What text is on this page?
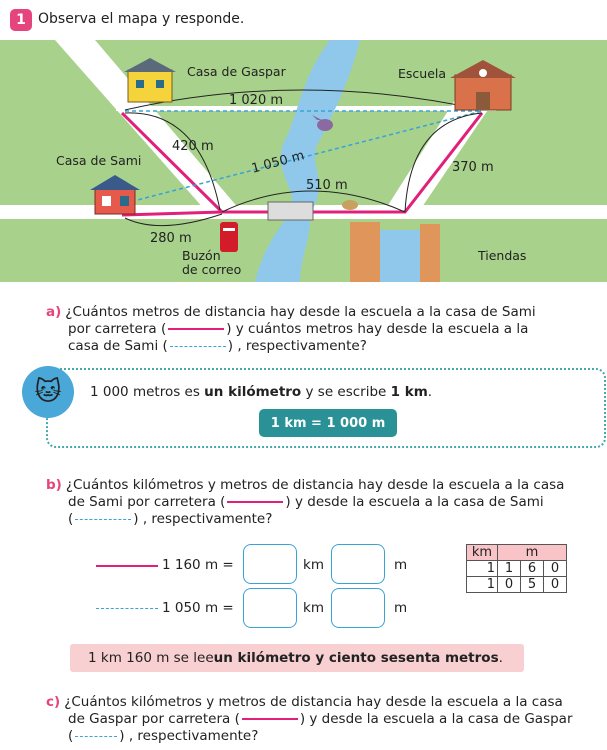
1 Observa el mapa y responde.
Casa de Gaspar	Escuela
Casa de Sami
Buzón
de correo
Tiendas
1 020 m
420 m
1 050 m
510 m
370 m
280 m
a) ¿Cuántos metros de distancia hay desde la escuela a la casa de Sami
por carretera (	) y cuántos metros hay desde la escuela a la
casa de Sami (	) , respectivamente?
🐱	1 000 metros es un kilómetro y se escribe 1 km.
1 km = 1 000 m
b) ¿Cuántos kilómetros y metros de distancia hay desde la escuela a la casa
de Sami por carretera (	) y desde la escuela a la casa de Sami
(	) , respectivamente?
1 160 m =	km	m
1 050 m =	km	m
km	m		
1	1	6	0
1	0	5	0
1 km 160 m se lee un kilómetro y ciento sesenta metros .
c) ¿Cuántos kilómetros y metros de distancia hay desde la escuela a la casa
de Gaspar por carretera (	) y desde la escuela a la casa de Gaspar
(	) , respectivamente?
